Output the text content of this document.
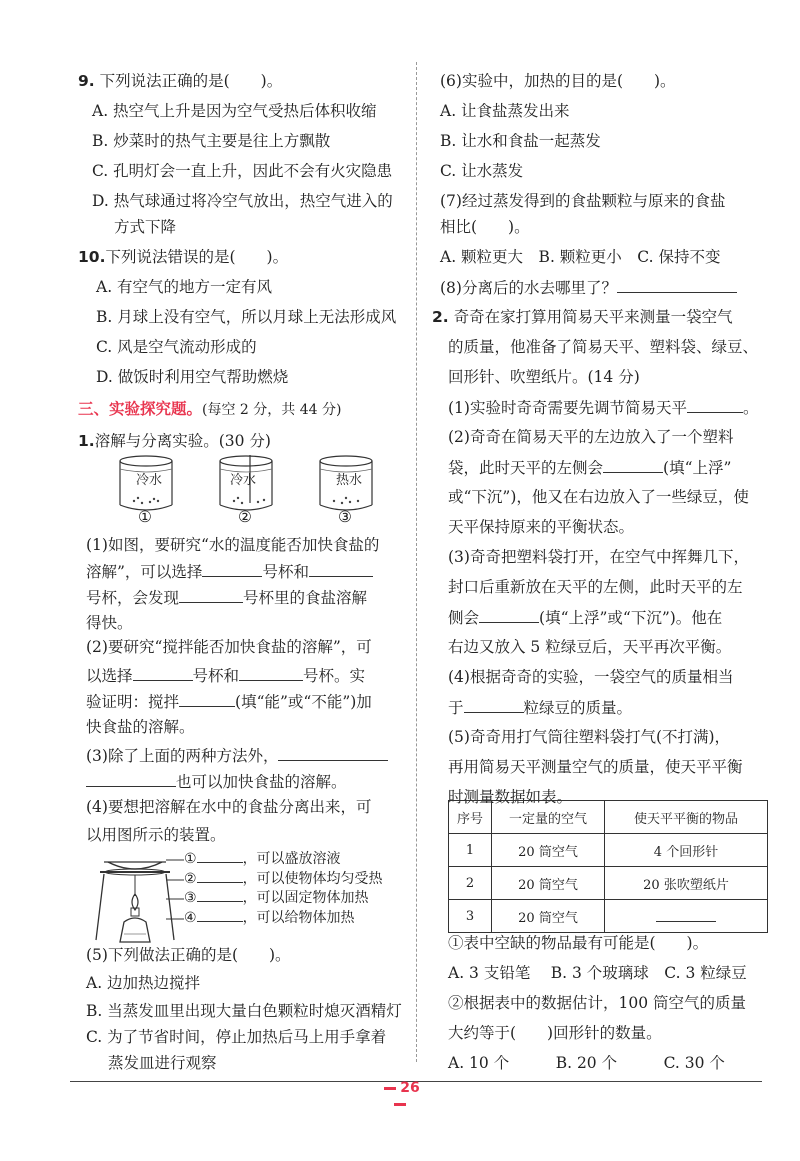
9. 下列说法正确的是(　　)。
A. 热空气上升是因为空气受热后体积收缩
B. 炒菜时的热气主要是往上方飘散
C. 孔明灯会一直上升，因此不会有火灾隐患
D. 热气球通过将冷空气放出，热空气进入的
方式下降
10.下列说法错误的是(　　)。
A. 有空气的地方一定有风
B. 月球上没有空气，所以月球上无法形成风
C. 风是空气流动形成的
D. 做饭时利用空气帮助燃烧
三、实验探究题。(每空 2 分，共 44 分)
1.溶解与分离实验。(30 分)
冷水	冷水	热水
①	②	③
(1)如图，要研究“水的温度能否加快食盐的
溶解”，可以选择	号杯和
号杯，会发现	号杯里的食盐溶解
得快。
(2)要研究“搅拌能否加快食盐的溶解”，可
以选择	号杯和	号杯。实
验证明：搅拌	(填“能”或“不能”)加
快食盐的溶解。
(3)除了上面的两种方法外，
也可以加快食盐的溶解。
(4)要想把溶解在水中的食盐分离出来，可
以用图所示的装置。
①	，可以盛放溶液
②	，可以使物体均匀受热
③	，可以固定物体加热
④	，可以给物体加热
(5)下列做法正确的是(　　)。
A. 边加热边搅拌
B. 当蒸发皿里出现大量白色颗粒时熄灭酒精灯
(6)实验中，加热的目的是(　　)。
A. 让食盐蒸发出来
B. 让水和食盐一起蒸发
C. 让水蒸发
(7)经过蒸发得到的食盐颗粒与原来的食盐
相比(　　)。
A. 颗粒更大　B. 颗粒更小　C. 保持不变
(8)分离后的水去哪里了？
2. 奇奇在家打算用简易天平来测量一袋空气
的质量，他准备了简易天平、塑料袋、绿豆、
回形针、吹塑纸片。(14 分)
(1)实验时奇奇需要先调节简易天平	。
(2)奇奇在简易天平的左边放入了一个塑料
袋，此时天平的左侧会	(填“上浮”
或“下沉”)，他又在右边放入了一些绿豆，使
天平保持原来的平衡状态。
(3)奇奇把塑料袋打开，在空气中挥舞几下，
封口后重新放在天平的左侧，此时天平的左
侧会	(填“上浮”或“下沉”)。他在
右边又放入 5 粒绿豆后，天平再次平衡。
(4)根据奇奇的实验，一袋空气的质量相当
于	粒绿豆的质量。
(5)奇奇用打气筒往塑料袋打气(不打满)，
再用简易天平测量空气的质量，使天平平衡
时测量数据如表。
序号	一定量的空气	使天平平衡的物品
1	20 筒空气	4 个回形针
2	20 筒空气	20 张吹塑纸片
3	20 筒空气	
①表中空缺的物品最有可能是(　　)。
A. 3 支铅笔　 B. 3 个玻璃球　C. 3 粒绿豆
②根据表中的数据估计，100 筒空气的质量
大约等于(　　)回形针的数量。
A. 10 个　　　B. 20 个　　　C. 30 个
26
C. 为了节省时间，停止加热后马上用手拿着
蒸发皿进行观察
